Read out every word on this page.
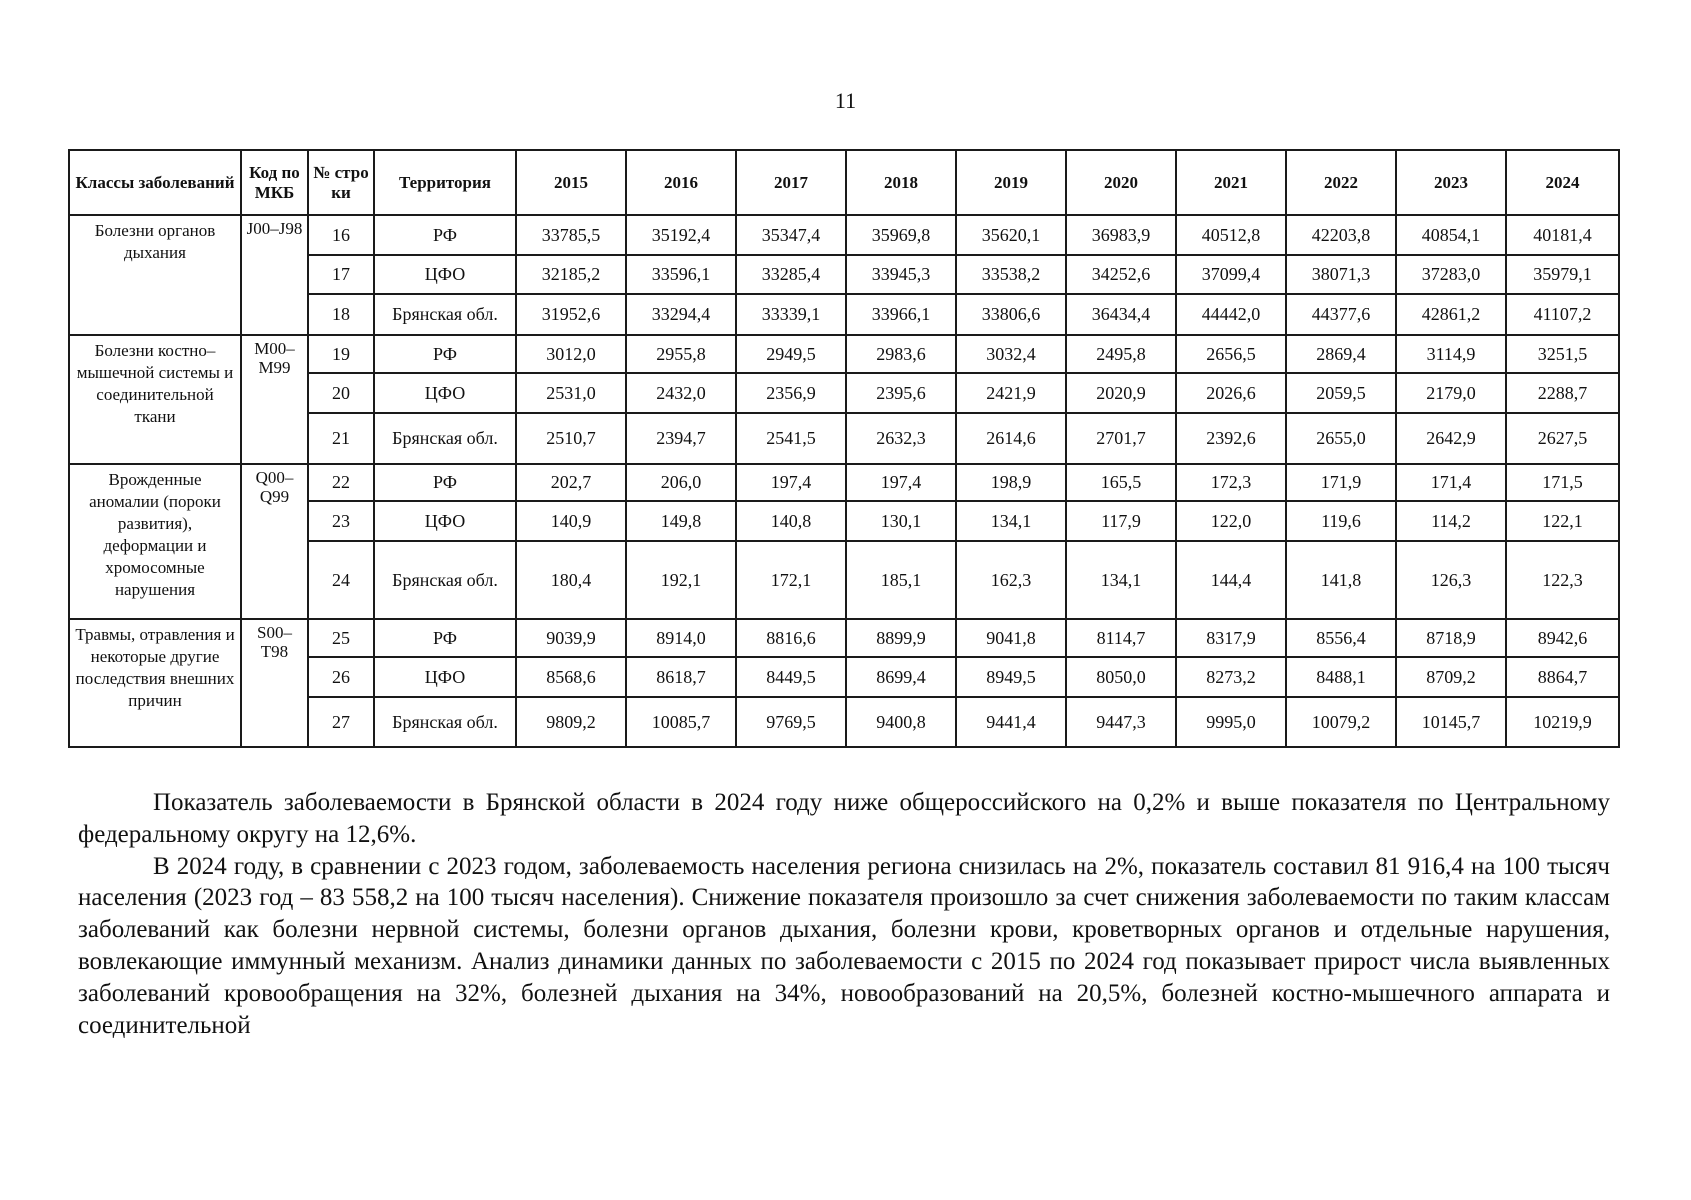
11
Классы заболеваний	Код по МКБ	№ стро ки	Территория	2015	2016	2017	2018	2019	2020	2021	2022	2023	2024
Болезни органов дыхания	J00–J98	16	РФ	33785,5	35192,4	35347,4	35969,8	35620,1	36983,9	40512,8	42203,8	40854,1	40181,4
		17	ЦФО	32185,2	33596,1	33285,4	33945,3	33538,2	34252,6	37099,4	38071,3	37283,0	35979,1
		18	Брянская обл.	31952,6	33294,4	33339,1	33966,1	33806,6	36434,4	44442,0	44377,6	42861,2	41107,2
Болезни костно–мышечной системы и соединительной ткани	M00–M99	19	РФ	3012,0	2955,8	2949,5	2983,6	3032,4	2495,8	2656,5	2869,4	3114,9	3251,5
		20	ЦФО	2531,0	2432,0	2356,9	2395,6	2421,9	2020,9	2026,6	2059,5	2179,0	2288,7
		21	Брянская обл.	2510,7	2394,7	2541,5	2632,3	2614,6	2701,7	2392,6	2655,0	2642,9	2627,5
Врожденные аномалии (пороки развития), деформации и хромосомные нарушения	Q00–Q99	22	РФ	202,7	206,0	197,4	197,4	198,9	165,5	172,3	171,9	171,4	171,5
		23	ЦФО	140,9	149,8	140,8	130,1	134,1	117,9	122,0	119,6	114,2	122,1
		24	Брянская обл.	180,4	192,1	172,1	185,1	162,3	134,1	144,4	141,8	126,3	122,3
Травмы, отравления и некоторые другие последствия внешних причин	S00–T98	25	РФ	9039,9	8914,0	8816,6	8899,9	9041,8	8114,7	8317,9	8556,4	8718,9	8942,6
		26	ЦФО	8568,6	8618,7	8449,5	8699,4	8949,5	8050,0	8273,2	8488,1	8709,2	8864,7
		27	Брянская обл.	9809,2	10085,7	9769,5	9400,8	9441,4	9447,3	9995,0	10079,2	10145,7	10219,9

Показатель заболеваемости в Брянской области в 2024 году ниже общероссийского на 0,2% и выше показателя по Центральному федеральному округу на 12,6%.

В 2024 году, в сравнении с 2023 годом, заболеваемость населения региона снизилась на 2%, показатель составил 81 916,4 на 100 тысяч населения (2023 год – 83 558,2 на 100 тысяч населения). Снижение показателя произошло за счет снижения заболеваемости по таким классам заболеваний как болезни нервной системы, болезни органов дыхания, болезни крови, кроветворных органов и отдельные нарушения, вовлекающие иммунный механизм. Анализ динамики данных по заболеваемости с 2015 по 2024 год показывает прирост числа выявленных заболеваний кровообращения на 32%, болезней дыхания на 34%, новообразований на 20,5%, болезней костно-мышечного аппарата и соединительной
